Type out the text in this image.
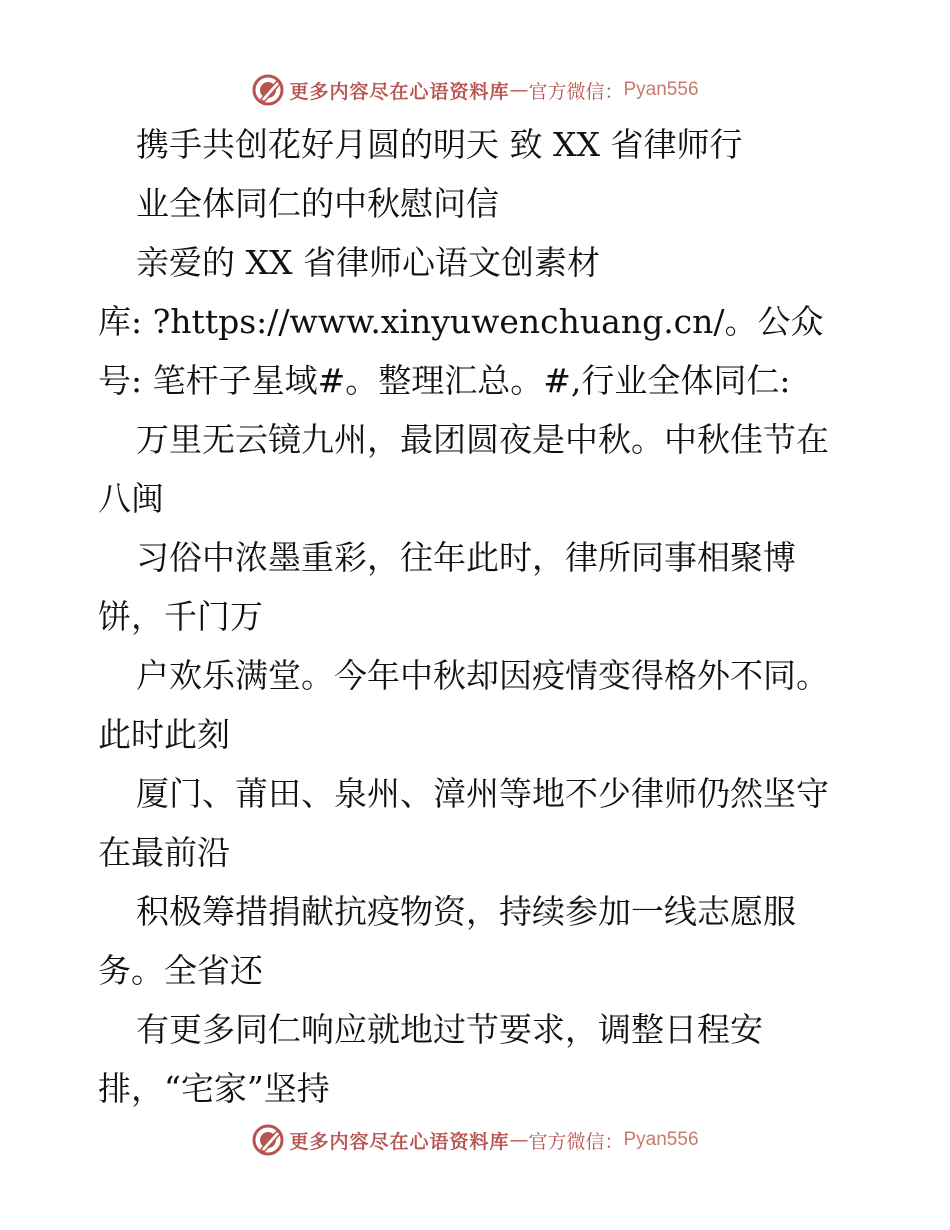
更多内容尽在心语资料库 — 官方微信： Pyan556
携手共创花好月圆的明天 致 XX 省律师行
业全体同仁的中秋慰问信
亲爱的 XX 省律师心语文创素材
库: ?https://www.xinyuwenchuang.cn/。公众
号: 笔杆子星域#。整理汇总。#,行业全体同仁:
万里无云镜九州，最团圆夜是中秋。中秋佳节在
八闽
习俗中浓墨重彩，往年此时，律所同事相聚博
饼，千门万
户欢乐满堂。今年中秋却因疫情变得格外不同。
此时此刻
厦门、莆田、泉州、漳州等地不少律师仍然坚守
在最前沿
积极筹措捐献抗疫物资，持续参加一线志愿服
务。全省还
有更多同仁响应就地过节要求，调整日程安
排，“宅家”坚持
更多内容尽在心语资料库 — 官方微信： Pyan556
